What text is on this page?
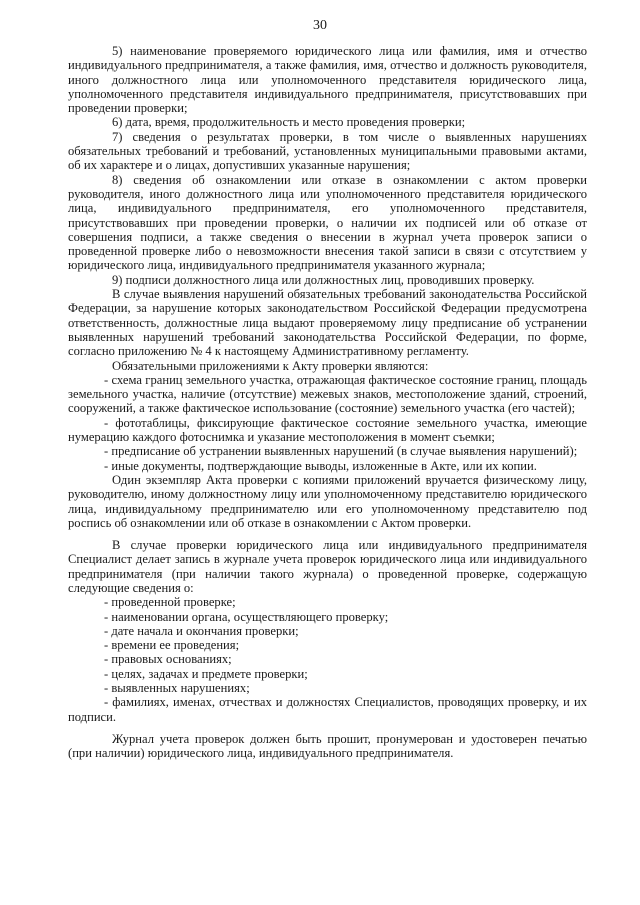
30

5) наименование проверяемого юридического лица или фамилия, имя и отчество индивидуального предпринимателя, а также фамилия, имя, отчество и должность руководителя, иного должностного лица или уполномоченного представителя юридического лица, уполномоченного представителя индивидуального предпринимателя, присутствовавших при проведении проверки;

6) дата, время, продолжительность и место проведения проверки;

7) сведения о результатах проверки, в том числе о выявленных нарушениях обязательных требований и требований, установленных муниципальными правовыми актами, об их характере и о лицах, допустивших указанные нарушения;

8) сведения об ознакомлении или отказе в ознакомлении с актом проверки руководителя, иного должностного лица или уполномоченного представителя юридического лица, индивидуального предпринимателя, его уполномоченного представителя, присутствовавших при проведении проверки, о наличии их подписей или об отказе от совершения подписи, а также сведения о внесении в журнал учета проверок записи о проведенной проверке либо о невозможности внесения такой записи в связи с отсутствием у юридического лица, индивидуального предпринимателя указанного журнала;

9) подписи должностного лица или должностных лиц, проводивших проверку.

В случае выявления нарушений обязательных требований законодательства Российской Федерации, за нарушение которых законодательством Российской Федерации предусмотрена ответственность, должностные лица выдают проверяемому лицу предписание об устранении выявленных нарушений требований законодательства Российской Федерации, по форме, согласно приложению № 4 к настоящему Административному регламенту.

Обязательными приложениями к Акту проверки являются:

- схема границ земельного участка, отражающая фактическое состояние границ, площадь земельного участка, наличие (отсутствие) межевых знаков, местоположение зданий, строений, сооружений, а также фактическое использование (состояние) земельного участка (его частей);

- фототаблицы, фиксирующие фактическое состояние земельного участка, имеющие нумерацию каждого фотоснимка и указание местоположения в момент съемки;

- предписание об устранении выявленных нарушений (в случае выявления нарушений);

- иные документы, подтверждающие выводы, изложенные в Акте, или их копии.

Один экземпляр Акта проверки с копиями приложений вручается физическому лицу, руководителю, иному должностному лицу или уполномоченному представителю юридического лица, индивидуальному предпринимателю или его уполномоченному представителю под роспись об ознакомлении или об отказе в ознакомлении с Актом проверки.

В случае проверки юридического лица или индивидуального предпринимателя Специалист делает запись в журнале учета проверок юридического лица или индивидуального предпринимателя (при наличии такого журнала) о проведенной проверке, содержащую следующие сведения о:

- проведенной проверке;

- наименовании органа, осуществляющего проверку;

- дате начала и окончания проверки;

- времени ее проведения;

- правовых основаниях;

- целях, задачах и предмете проверки;

- выявленных нарушениях;

- фамилиях, именах, отчествах и должностях Специалистов, проводящих проверку, и их подписи.

Журнал учета проверок должен быть прошит, пронумерован и удостоверен печатью (при наличии) юридического лица, индивидуального предпринимателя.
